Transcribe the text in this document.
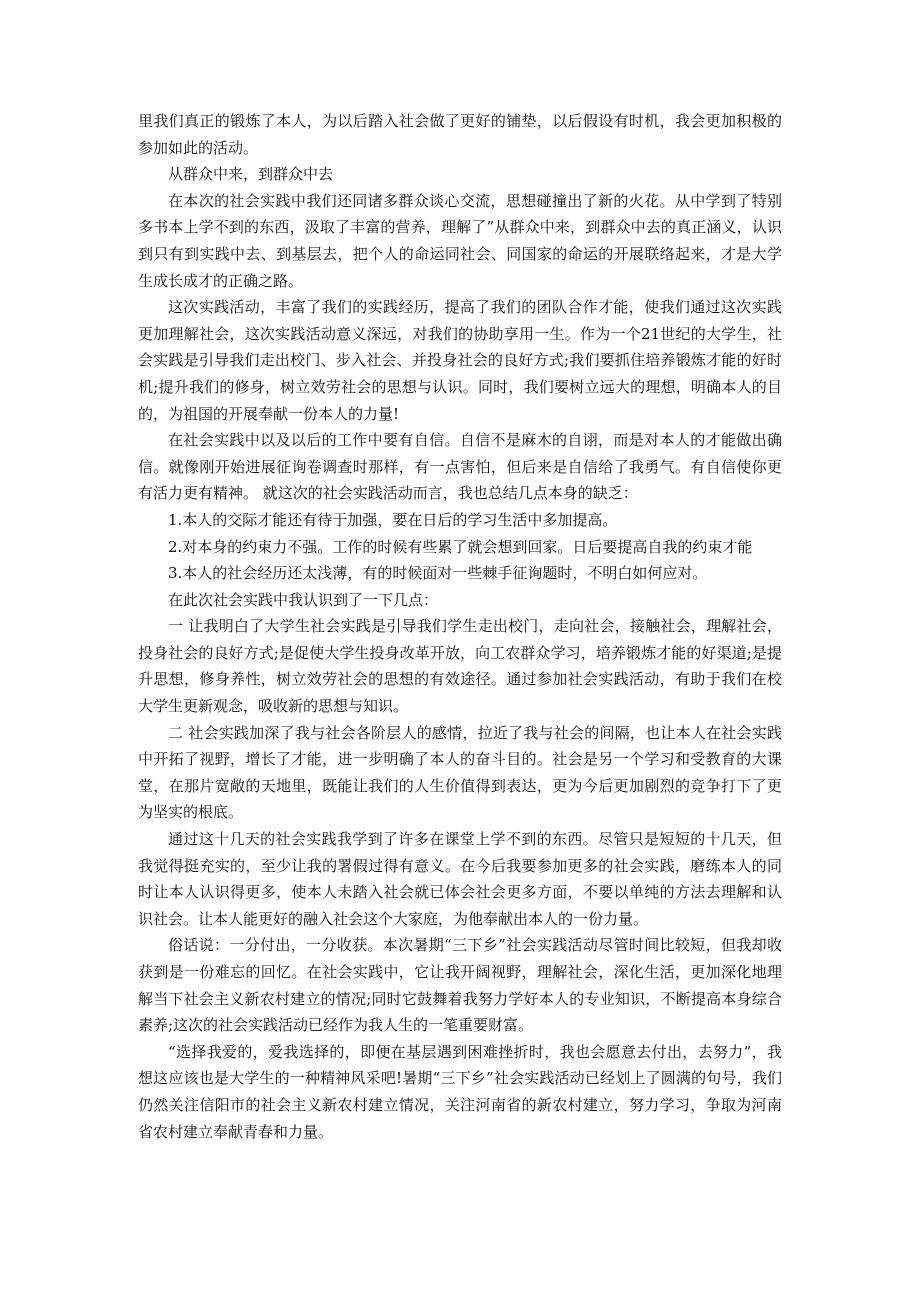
里我们真正的锻炼了本人，为以后踏入社会做了更好的铺垫，以后假设有时机，我会更加积极的参加如此的活动。

从群众中来，到群众中去

在本次的社会实践中我们还同诸多群众谈心交流，思想碰撞出了新的火花。从中学到了特别多书本上学不到的东西，汲取了丰富的营养，理解了”从群众中来，到群众中去的真正涵义，认识到只有到实践中去、到基层去，把个人的命运同社会、同国家的命运的开展联络起来，才是大学生成长成才的正确之路。

这次实践活动，丰富了我们的实践经历，提高了我们的团队合作才能，使我们通过这次实践更加理解社会，这次实践活动意义深远，对我们的协助享用一生。作为一个21世纪的大学生，社会实践是引导我们走出校门、步入社会、并投身社会的良好方式;我们要抓住培养锻炼才能的好时机;提升我们的修身，树立效劳社会的思想与认识。同时，我们要树立远大的理想，明确本人的目的，为祖国的开展奉献一份本人的力量!

在社会实践中以及以后的工作中要有自信。自信不是麻木的自诩，而是对本人的才能做出确信。就像刚开始进展征询卷调查时那样，有一点害怕，但后来是自信给了我勇气。有自信使你更有活力更有精神。 就这次的社会实践活动而言，我也总结几点本身的缺乏：

1.本人的交际才能还有待于加强，要在日后的学习生活中多加提高。

2.对本身的约束力不强。工作的时候有些累了就会想到回家。日后要提高自我的约束才能

3.本人的社会经历还太浅薄，有的时候面对一些棘手征询题时，不明白如何应对。

在此次社会实践中我认识到了一下几点：

一 让我明白了大学生社会实践是引导我们学生走出校门，走向社会，接触社会，理解社会，投身社会的良好方式;是促使大学生投身改革开放，向工农群众学习，培养锻炼才能的好渠道;是提升思想，修身养性，树立效劳社会的思想的有效途径。通过参加社会实践活动，有助于我们在校大学生更新观念，吸收新的思想与知识。

二 社会实践加深了我与社会各阶层人的感情，拉近了我与社会的间隔，也让本人在社会实践中开拓了视野，增长了才能，进一步明确了本人的奋斗目的。社会是另一个学习和受教育的大课堂，在那片宽敞的天地里，既能让我们的人生价值得到表达，更为今后更加剧烈的竞争打下了更为坚实的根底。

通过这十几天的社会实践我学到了许多在课堂上学不到的东西。尽管只是短短的十几天，但我觉得挺充实的，至少让我的署假过得有意义。在今后我要参加更多的社会实践，磨练本人的同时让本人认识得更多，使本人未踏入社会就已体会社会更多方面，不要以单纯的方法去理解和认识社会。让本人能更好的融入社会这个大家庭，为他奉献出本人的一份力量。

俗话说：一分付出，一分收获。本次暑期“三下乡”社会实践活动尽管时间比较短，但我却收获到是一份难忘的回忆。在社会实践中，它让我开阔视野，理解社会，深化生活，更加深化地理解当下社会主义新农村建立的情况;同时它鼓舞着我努力学好本人的专业知识，不断提高本身综合素养;这次的社会实践活动已经作为我人生的一笔重要财富。

“选择我爱的，爱我选择的，即便在基层遇到困难挫折时，我也会愿意去付出，去努力”，我想这应该也是大学生的一种精神风采吧!暑期“三下乡”社会实践活动已经划上了圆满的句号，我们仍然关注信阳市的社会主义新农村建立情况，关注河南省的新农村建立，努力学习，争取为河南省农村建立奉献青春和力量。
